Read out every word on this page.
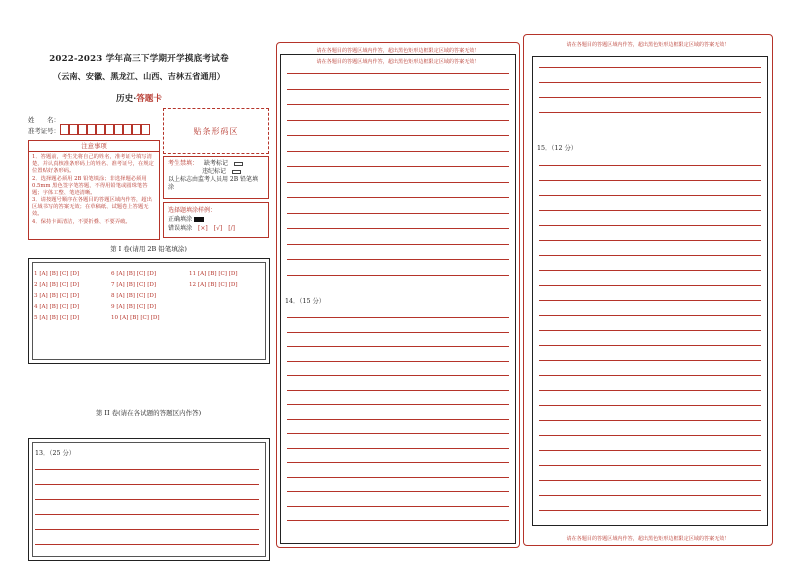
2022-2023 学年高三下学期开学摸底考试卷
（云南、安徽、黑龙江、山西、吉林五省通用）
历史·答题卡
姓　　名：
准考证号：	贴条形码区
注意事项

1．答题前，考生先将自己的姓名，准考证号填写清楚，并认真核准条形码上的姓名、准考证号，在规定位置贴好条形码。

2．选择题必须用 2B 铅笔填涂；非选择题必须用 0.5mm 黑色签字笔答题，不得用铅笔或圆珠笔答题；字体工整、笔迹清晰。

3．请按题号顺序在各题目的答题区域内作答，超出区域书写的答案无效；在草稿纸、试题卷上答题无效。

4．保持卡面清洁，不要折叠、不要弄破。

考生禁填： 缺考标记
违纪标记
以上标志由监考人员用 2B 铅笔填涂
选择题填涂样例：
正确填涂
错误填涂 [×]　[√]　[/]
第 I 卷(请用 2B 铅笔填涂)
1 [A] [B] [C] [D]
2 [A] [B] [C] [D]
3 [A] [B] [C] [D]
4 [A] [B] [C] [D]
5 [A] [B] [C] [D]
6 [A] [B] [C] [D]
7 [A] [B] [C] [D]
8 [A] [B] [C] [D]
9 [A] [B] [C] [D]
10 [A] [B] [C] [D]
11 [A] [B] [C] [D]
12 [A] [B] [C] [D]
第 II 卷(请在各试题的答题区内作答)
13．（25 分）
请在各题目的答题区域内作答，超出黑色矩形边框限定区域的答案无效！
请在各题目的答题区域内作答，超出黑色矩形边框限定区域的答案无效！
14．（15 分）
请在各题目的答题区域内作答，超出黑色矩形边框限定区域的答案无效！
请在各题目的答题区域内作答，超出黑色矩形边框限定区域的答案无效！
15．（12 分）
